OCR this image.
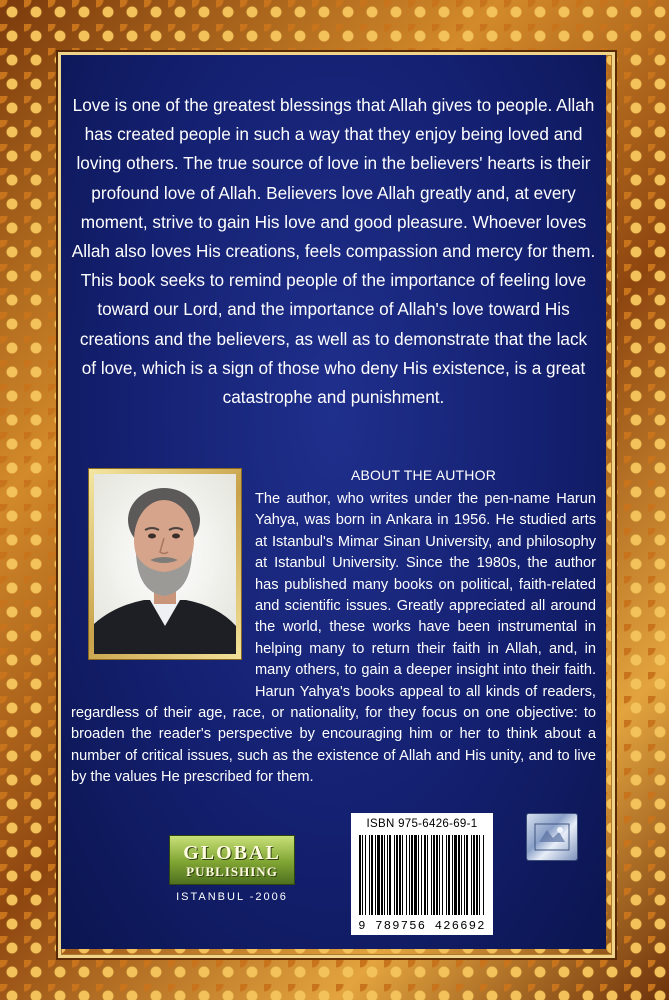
Love is one of the greatest blessings that Allah gives to people. Allah has created people in such a way that they enjoy being loved and loving others. The true source of love in the believers' hearts is their profound love of Allah. Believers love Allah greatly and, at every moment, strive to gain His love and good pleasure. Whoever loves Allah also loves His creations, feels compassion and mercy for them.

This book seeks to remind people of the importance of feeling love toward our Lord, and the importance of Allah's love toward His creations and the believers, as well as to demonstrate that the lack of love, which is a sign of those who deny His existence, is a great catastrophe and punishment.

ABOUT THE AUTHOR
The author, who writes under the pen-name Harun Yahya, was born in Ankara in 1956. He studied arts at Istanbul's Mimar Sinan University, and philosophy at Istanbul University. Since the 1980s, the author has published many books on political, faith-related and scientific issues. Greatly appreciated all around the world, these works have been instrumental in helping many to return their faith in Allah, and, in many others, to gain a deeper insight into their faith. Harun Yahya's books appeal to all kinds of readers, regardless of their age, race, or nationality, for they focus on one objective: to broaden the reader's perspective by encouraging him or her to think about a number of critical issues, such as the existence of Allah and His unity, and to live by the values He prescribed for them.
GLOBAL
PUBLISHING
ISTANBUL -2006
ISBN 975-6426-69-1
9 789756 426692
